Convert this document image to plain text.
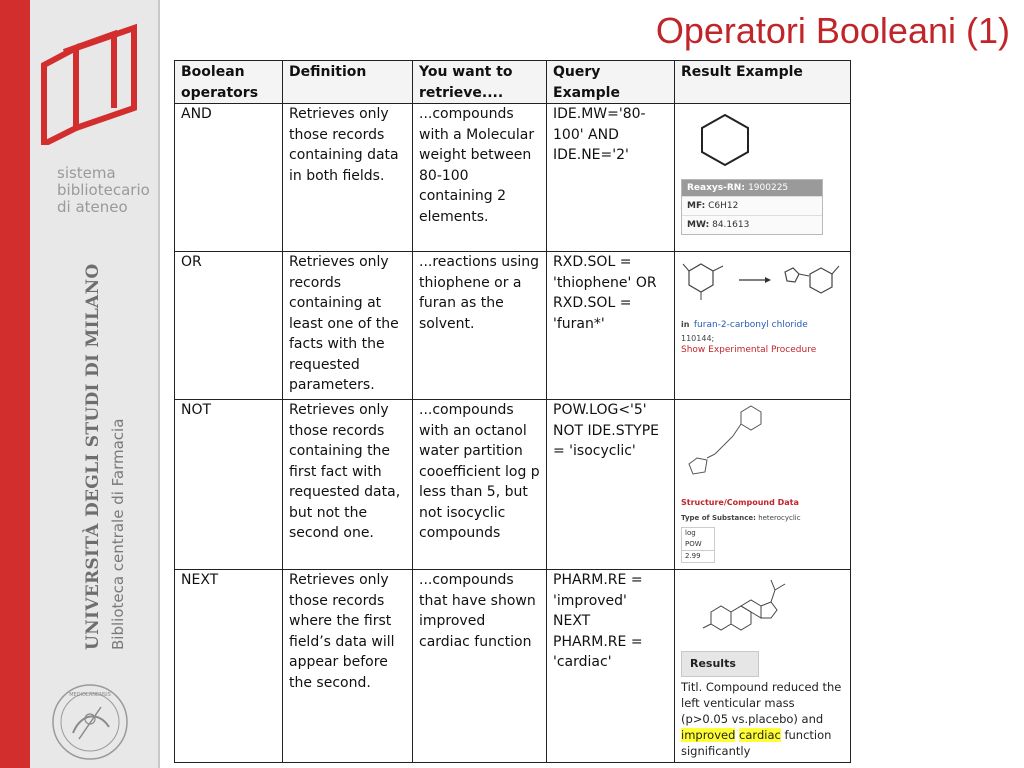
sistema
bibliotecario
di ateneo
UNIVERSITÀ DEGLI STUDI DI MILANO Biblioteca centrale di Farmacia
MEDIOLANENSIS
Operatori Booleani (1)
Boolean operators	Definition	You want to retrieve....	Query Example	Result Example

AND	Retrieves only those records containing data in both fields.	...compounds with a Molecular weight between 80-100 containing 2 elements.	IDE.MW='80-100' AND IDE.NE='2'	Reaxys-RN: 1900225
MF: C6H12
MW: 84.1613

OR	Retrieves only records containing at least one of the facts with the requested parameters.	...reactions using thiophene or a furan as the solvent.	RXD.SOL = 'thiophene' OR RXD.SOL = 'furan*'	in furan-2-carbonyl chloride
110144;
Show Experimental Procedure

NOT	Retrieves only those records containing the first fact with requested data, but not the second one.	...compounds with an octanol water partition cooefficient log p less than 5, but not isocyclic compounds	POW.LOG<'5' NOT IDE.STYPE = 'isocyclic'	Structure/Compound Data
Type of Substance: heterocyclic
log
POW
2.99

NEXT	Retrieves only those records where the first field’s data will appear before the second.	...compounds that have shown improved cardiac function	PHARM.RE = 'improved' NEXT PHARM.RE = 'cardiac'	Results
Titl. Compound reduced the left venticular mass (p>0.05 vs.placebo) and improved cardiac function significantly
